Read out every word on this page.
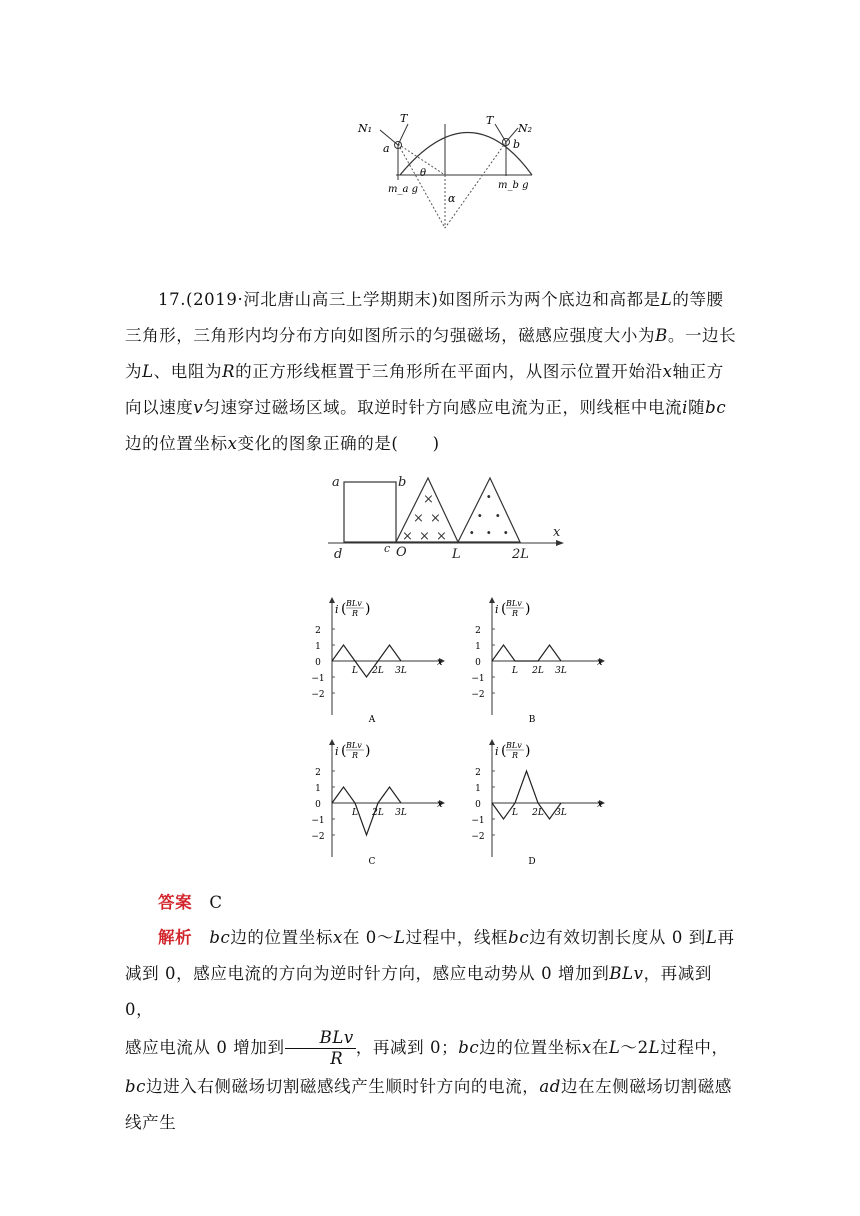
N₁
T
a
θ
m_a g
T
N₂
b
m_b g
α
17.(2019·河北唐山高三上学期期末)如图所示为两个底边和高都是L的等腰三角形，三角形内均分布方向如图所示的匀强磁场，磁感应强度大小为B。一边长为L、电阻为R的正方形线框置于三角形所在平面内，从图示位置开始沿x轴正方向以速度v匀速穿过磁场区域。取逆时针方向感应电流为正，则线框中电流i随bc边的位置坐标x变化的图象正确的是(   )
×
× ×
× × ×
·
· ·
· · ·
a	b
c
d	O	L	2L
x
i ( BLv
R )
2
1
0
−1
−2
L 2L 3L
x
A
i ( BLv
R )
2
1
0
−1
−2
L 2L 3L
x
B
i ( BLv
R )
2
1
0
−1
−2
L 2L 3L
x
C
i ( BLv
R )
2
1
0
−1
−2
L 2L 3L
x
D
答案  C
解析  bc边的位置坐标x在 0～L过程中，线框bc边有效切割长度从 0 到L再减到 0，感应电流的方向为逆时针方向，感应电动势从 0 增加到BLv，再减到 0，
感应电流从 0 增加到 $\frac{\text{BLv}}{R}$ ，再减到 0；bc边的位置坐标x在L～2L过程中，bc边进入右侧磁场切割磁感线产生顺时针方向的电流，ad边在左侧磁场切割磁感线产生
